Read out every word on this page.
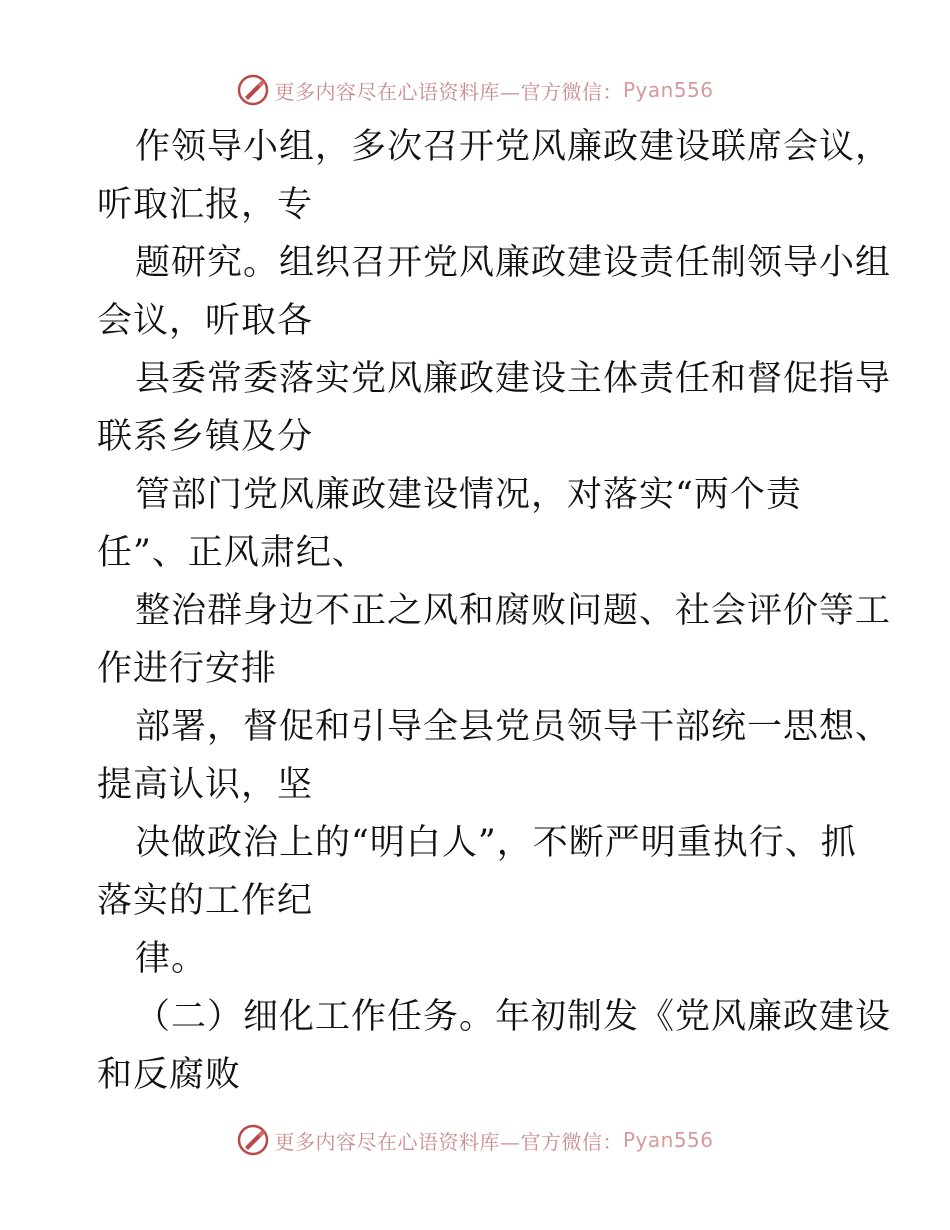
更多内容尽在心语资料库—官方微信： Pyan556

作领导小组，多次召开党风廉政建设联席会议，
听取汇报，专

题研究。组织召开党风廉政建设责任制领导小组
会议，听取各

县委常委落实党风廉政建设主体责任和督促指导
联系乡镇及分

管部门党风廉政建设情况，对落实“两个责
任”、正风肃纪、

整治群身边不正之风和腐败问题、社会评价等工
作进行安排

部署，督促和引导全县党员领导干部统一思想、
提高认识，坚

决做政治上的“明白人”，不断严明重执行、抓
落实的工作纪

律。

（二）细化工作任务。年初制发《党风廉政建设
和反腐败

更多内容尽在心语资料库—官方微信： Pyan556
